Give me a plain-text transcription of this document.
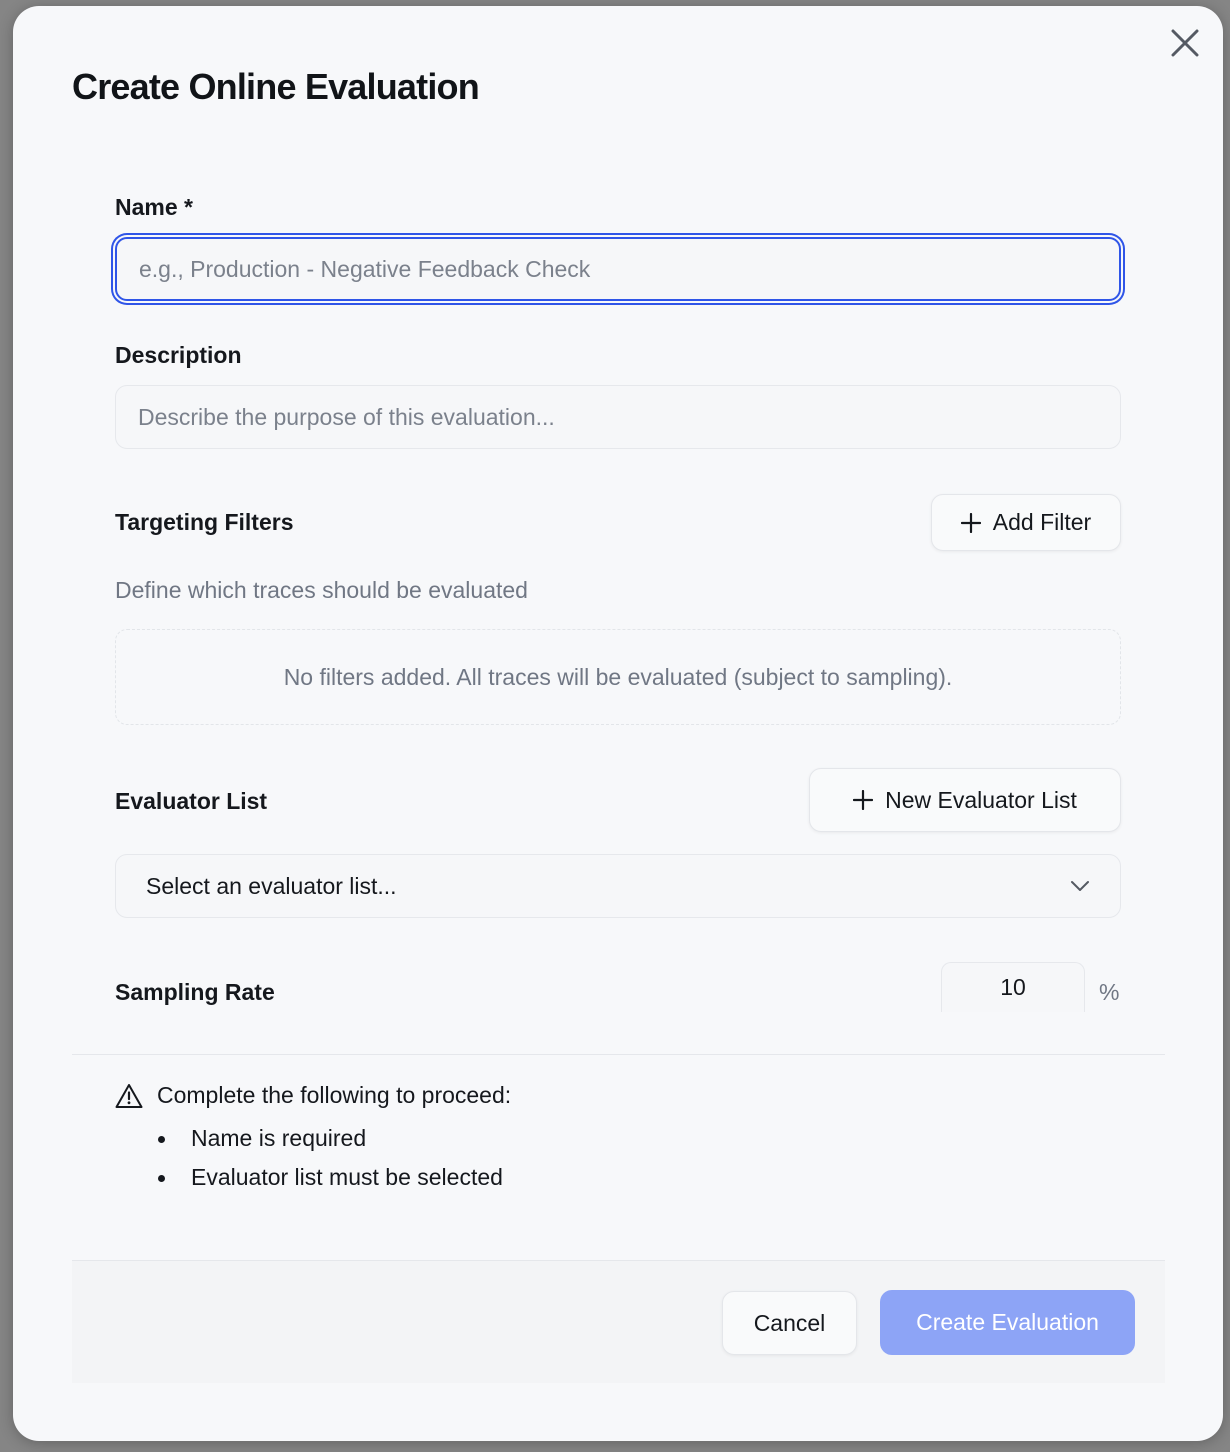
Create Online Evaluation
Name *
e.g., Production - Negative Feedback Check
Description
Describe the purpose of this evaluation...
Targeting Filters	Add Filter
Define which traces should be evaluated
No filters added. All traces will be evaluated (subject to sampling).
Evaluator List	New Evaluator List
Select an evaluator list...
Sampling Rate
10	%
Complete the following to proceed:
Name is required
Evaluator list must be selected
Cancel	Create Evaluation
